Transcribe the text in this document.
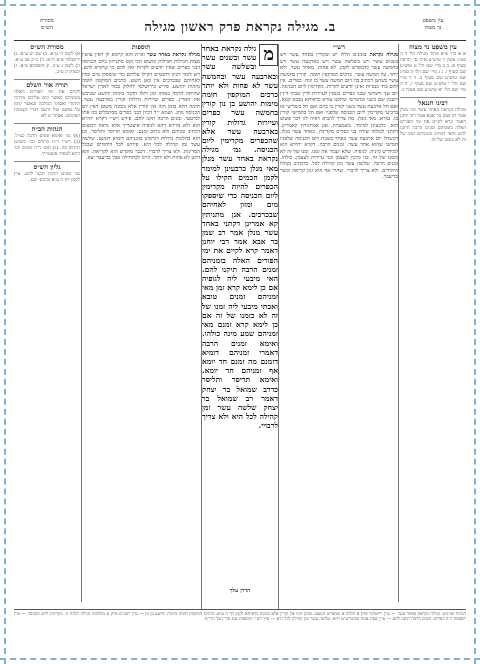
עין משפט
נר מצוה
ב. מגילה נקראת פרק ראשון מגילה
מסורת
הש״ס
עין משפט נר מצוה
א א מיי׳ פ״א מהל׳ מגילה הל׳ ד ה סמ״ג עשין ד טוש״ע א״ח סי׳ תרפח סעיף א. ב ב מיי׳ שם הל׳ ט טוש״ע שם סעיף ו. ג ג מיי׳ שם הל׳ ה סמ״ג שם טוש״ע שם סעיף ב. ד ד מיי׳ שם הל׳ י טוש״ע שם סעיף ז. ה ה מיי׳ שם הל׳ יא טוש״ע שם סעיף ב.
רבינו חננאל
מגילה נקראת באחד עשר וכו׳ מנלן אמר רב שמן בר אבא אמר רבי יוחנן דאמר קרא לקיים את ימי הפורים האלה בזמניהם זמנים הרבה תיקנו להם והאי דכתיב בזמניהם זמנו של זה לא כזמנו של זה.
רש״י
מגילה נקראת בזמנים הללו יש שקורין באחד עשר ויש בשנים עשר ויש בשלשה עשר ויש בארבעה עשר ויש בחמשה עשר כדמפרש לקמן. לא פחות. מאחד עשר. ולא יותר. על חמשה עשר. כרכים המוקפין חומה. קורין בחמשה עשר כשושן דכתיב בה ויום חמשה עשר בו ונוח. כפרים. אין להם בתי כנסיות ואינן יודעים לקרות. מקדימין ליום הכניסה. יום שני וחמישי שבני כפרים נכנסין לעיירות לדין שבתי דינין יושבין שם בשני ובחמישי שתקנו עזרא כדאיתא בבבא קמא. ואם חל ארבעה עשר בשני קורין בו ביום ואם חל בשלישי או ברביעי מקדימין ליום הכניסה שלפניו ואם חל בחמישי קורין בו. גמרא. מאי מנלן. מה צריך להביא ראיה לזו דבר פשוט הוא. כדבעינן למימר. בשמעתין. אנן אמתניתין קאמרינן. דקתני לכולהו שיהיו בני כפרים מקדימין. באחד עשר מנלן. דכשחל יום ארבעה עשר באחד בשבת ויום הכניסה שלפניו חמישי שהוא אחד עשר. זמנים הרבה. דקרא יתירא הוא למידרש מיניה. לגופיה. שלא יעבור את זמנו. זמנו של זה לא כזמנו של זה. בני כרכין לעצמן ובני עיירות לעצמן. כולהו. זמנים הרבה. שלשה עשר זמן קהילה לכל. כדכתיב נקהלו היהודים. ולא צריך לרבויי. שהרי אף הוא זמן קריאה וכשר בדיעבד.
מ
גילה נקראת באחד עשר ובשנים עשר ובשלשה עשר ובארבעה עשר ובחמשה עשר לא פחות ולא יותר כרכים המוקפין חומה מימות יהושע בן נון קורין בחמשה עשר כפרים ועיירות גדולות קורין בארבעה עשר אלא שהכפרים מקדימין ליום הכניסה. גמ׳ מגילה נקראת באחד עשר מנלן מאי מנלן כדבעינן למימר לקמן חכמים הקילו על הכפרים להיות מקדימין ליום הכניסה כדי שיספקו מים ומזון לאחיהם שבכרכים. אנן מתניתין קא אמרינן דקתני באחד עשר מנלן אמר רב שמן בר אבא אמר רבי יוחנן דאמר קרא לקיים את ימי הפורים האלה בזמניהם זמנים הרבה תיקנו להם. האי מיבעי ליה לגופיה אם כן לימא קרא זמן מאי זמניהם זמנים טובא ואכתי מיבעי ליה זמנו של זה לא כזמנו של זה אם כן לימא קרא זמנם מאי זמניהם שמע מינה כולהו. ואימא זמנים הרבה דאמרי זמניהם דומיא דזמנם מה זמנם חד יומא אף זמניהם חד יומא. ואימא תריסר ותליסר כדרב שמואל בר יצחק דאמר רב שמואל בר יצחק שלשה עשר זמן קהילה לכל היא ולא צריך לרבויי.
הדרן עלך
תוספות
מגילה נקראת באחד עשר וא״ת והא קיימא לן דאין עושין מצות חבילות חבילות ומשום הכי נקט מתניתין ביום הכניסה דבני כפרים שאין יודעים לקרות ואין להם מי שיקרא להם. ויש לומר דכיון דחכמים הקילו עליהם כדי שיספקו מים ומזון לאחיהם שבכרכים אין כאן חשש. כרכים המוקפין חומה מימות יהושע. פירש בירושלמי לחלוק כבוד לארץ ישראל שהיתה חרבה באותו זמן ותלו הדבר בימות יהושע שכיבש את הארץ. כפרים ועיירות גדולות קורין בארבעה עשר. תימה דהא בזמן הזה אין קורין אלא בזמנה משום דאין יום הכניסה נוהג. ושמא י״ל דכיון דבני כפרים מסתכלים בה אתו למיטעי. זמנים הרבה תקנו להם. פירש רש״י דקרא יתירא הוא ולא נהירא דהא לגופיה איצטריך אלא נראה דמשום דכתיב זמניהם ולא כתיב זמנם. ואימא תריסר ותליסר. וכן הוא בהלכות גדולות דגרסינן בזמניהם דומיא דזמנם. שלשה עשר זמן קהילה לכל היא. פירוש לכל היהודים שבכל המדינות. ולא צריך לרבויי. דכבר מוקדש הוא לקריאה. והא דתנן לא פחות ולא יותר. היינו לכתחילה אבל בדיעבד יצא.
מסורת הש״ס
א) לקמן ה׳ ע״א. ב) שם יט ע״א. ג) ירושלמי פ״א ה״א. ד) ב״ק פב ע״א. ה) לקמן ג ע״ב. ו) תוספתא פ״א. ז) יבמות יג ע״ב.
תורה אור השלם
לקיים את ימי הפורים האלה בזמניהם כאשר קים עליהם מרדכי היהודי ואסתר המלכה וכאשר קימו על נפשם ועל זרעם דברי הצומות וזעקתם. אסתר ט לא
הגהות הב״ח
(א) גמ׳ ואימא זמנים הרבה כצ״ל. (ב) רש״י ד״ה כרכים וכו׳ כשושן דכתיב בה. (ג) תוס׳ ד״ה זמנים וכו׳ דהא לגופיה איצטריך.
גליון הש״ס
גמ׳ זמנים הרבה תקנו להם. עיין לקמן דף ה ע״א ובתוס׳ שם.
הגהות וציונים: מגילה נקראת באחד עשר — עיין ירושלמי פרק א הלכה א שמפרש הטעם. ובזמן הזה אין קורין אלא בזמנה כדאיתא לקמן דף ה ע״א. כרכים המוקפין חומה מימות יהושע בן נון — עיין רמב״ם פרק א מהלכות מגילה הלכה ה. מקדימין ליום הכניסה — עיין תוספות ד״ה כפרים. זמנים הרבה תיקנו להם — עיין שפת אמת ובמהרש״א ח״א. שלשה עשר זמן קהילה לכל היא — עיין רש״י ותוספות שם ובר״ן על הרי״ף.
